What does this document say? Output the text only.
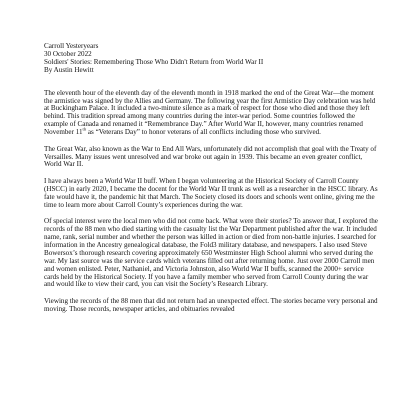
Carroll Yesteryears
30 October 2022
Soldiers' Stories: Remembering Those Who Didn't Return from World War II
By Austin Hewitt

The eleventh hour of the eleventh day of the eleventh month in 1918 marked the end of the Great War—the moment the armistice was signed by the Allies and Germany. The following year the first Armistice Day celebration was held at Buckingham Palace. It included a two-minute silence as a mark of respect for those who died and those they left behind. This tradition spread among many countries during the inter-war period. Some countries followed the example of Canada and renamed it “Remembrance Day.” After World War II, however, many countries renamed November 11th as “Veterans Day” to honor veterans of all conflicts including those who survived.

The Great War, also known as the War to End All Wars, unfortunately did not accomplish that goal with the Treaty of Versailles. Many issues went unresolved and war broke out again in 1939. This became an even greater conflict, World War II.

I have always been a World War II buff. When I began volunteering at the Historical Society of Carroll County (HSCC) in early 2020, I became the docent for the World War II trunk as well as a researcher in the HSCC library. As fate would have it, the pandemic hit that March. The Society closed its doors and schools went online, giving me the time to learn more about Carroll County’s experiences during the war.

Of special interest were the local men who did not come back. What were their stories? To answer that, I explored the records of the 88 men who died starting with the casualty list the War Department published after the war. It included name, rank, serial number and whether the person was killed in action or died from non-battle injuries. I searched for information in the Ancestry genealogical database, the Fold3 military database, and newspapers. I also used Steve Bowersox’s thorough research covering approximately 650 Westminster High School alumni who served during the war. My last source was the service cards which veterans filled out after returning home. Just over 2000 Carroll men and women enlisted. Peter, Nathaniel, and Victoria Johnston, also World War II buffs, scanned the 2000+ service cards held by the Historical Society. If you have a family member who served from Carroll County during the war and would like to view their card, you can visit the Society’s Research Library.

Viewing the records of the 88 men that did not return had an unexpected effect. The stories became very personal and moving. Those records, newspaper articles, and obituaries revealed
